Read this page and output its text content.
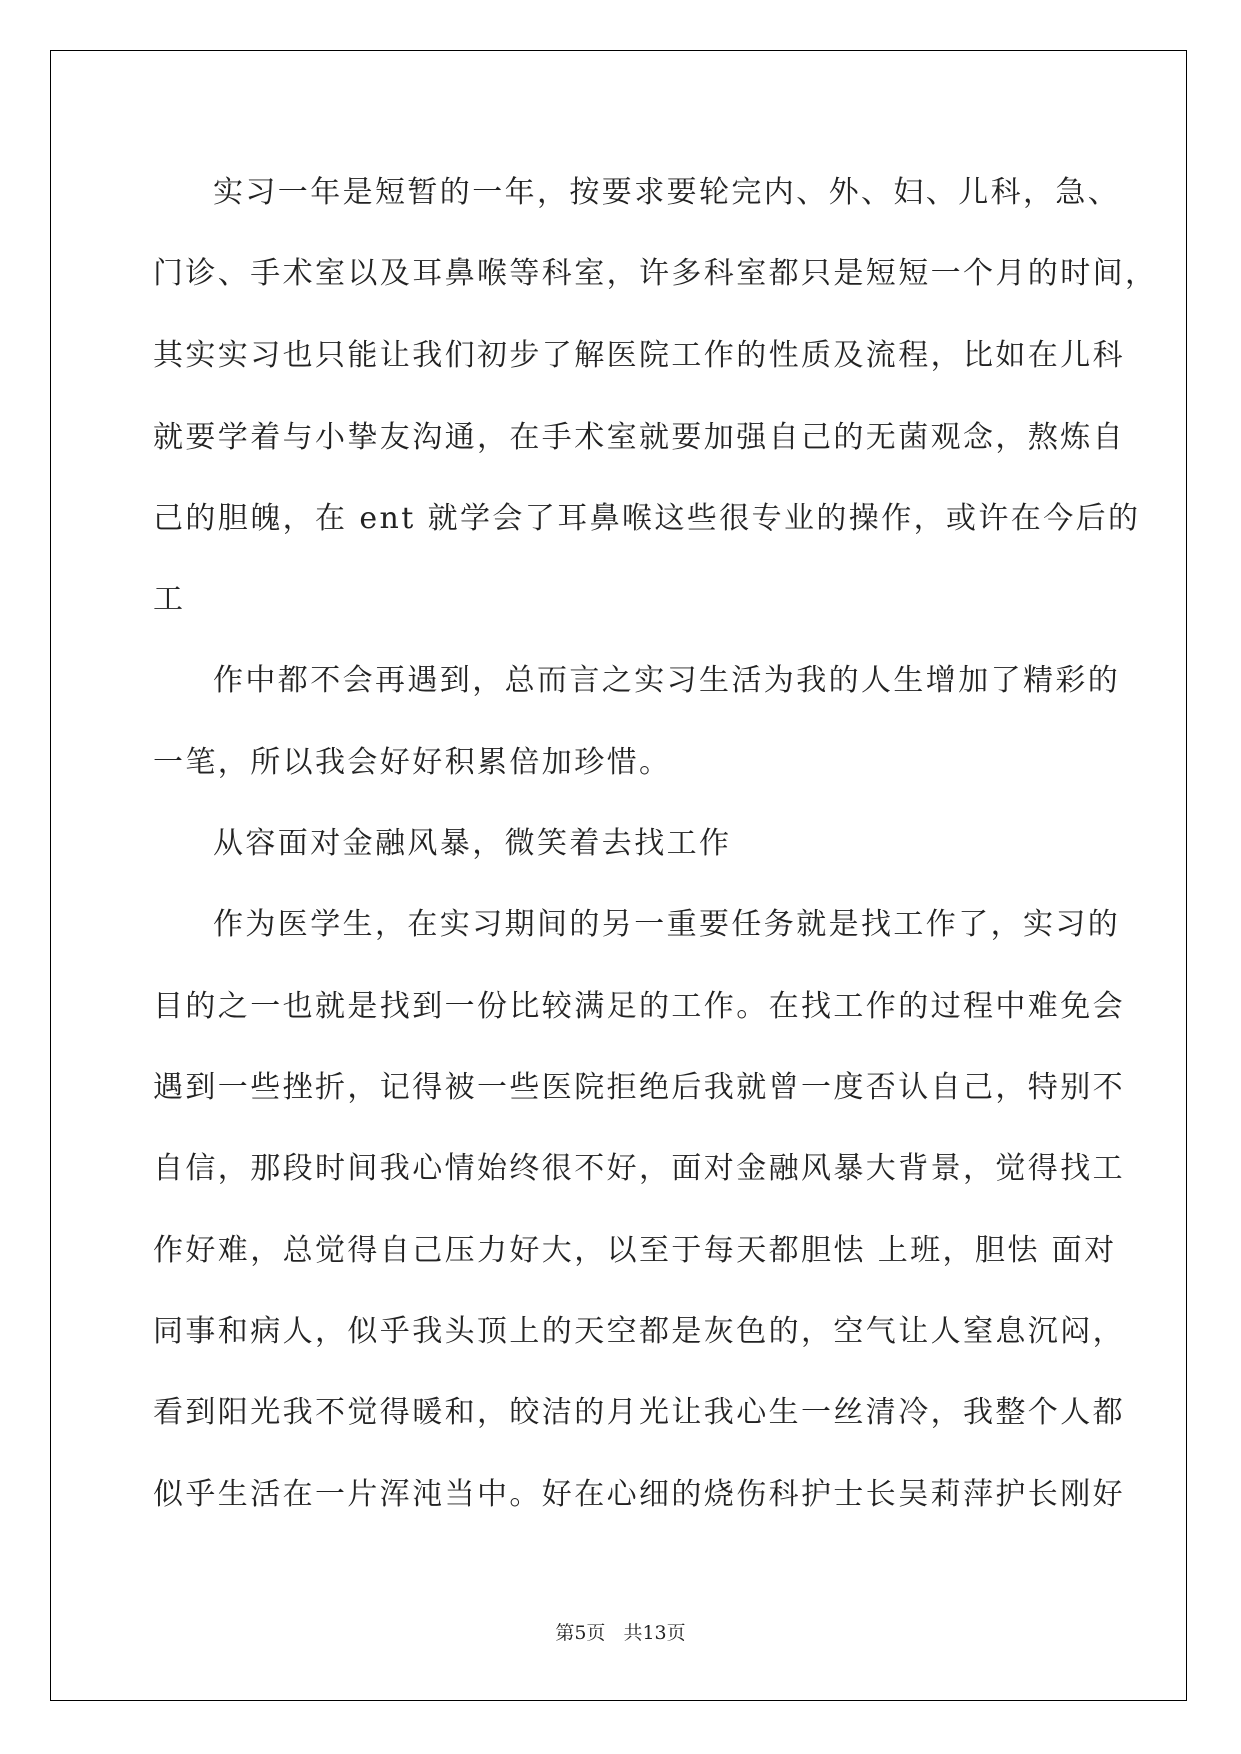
实习一年是短暂的一年，按要求要轮完内、外、妇、儿科，急、
门诊、手术室以及耳鼻喉等科室，许多科室都只是短短一个月的时间，
其实实习也只能让我们初步了解医院工作的性质及流程，比如在儿科
就要学着与小挚友沟通，在手术室就要加强自己的无菌观念，熬炼自
己的胆魄，在 ent 就学会了耳鼻喉这些很专业的操作，或许在今后的
工
作中都不会再遇到，总而言之实习生活为我的人生增加了精彩的
一笔，所以我会好好积累倍加珍惜。
从容面对金融风暴，微笑着去找工作
作为医学生，在实习期间的另一重要任务就是找工作了，实习的
目的之一也就是找到一份比较满足的工作。在找工作的过程中难免会
遇到一些挫折，记得被一些医院拒绝后我就曾一度否认自己，特别不
自信，那段时间我心情始终很不好，面对金融风暴大背景，觉得找工
作好难，总觉得自己压力好大，以至于每天都胆怯 上班，胆怯 面对
同事和病人，似乎我头顶上的天空都是灰色的，空气让人窒息沉闷，
看到阳光我不觉得暖和，皎洁的月光让我心生一丝清冷，我整个人都
似乎生活在一片浑沌当中。好在心细的烧伤科护士长吴莉萍护长刚好
第5页 共13页
